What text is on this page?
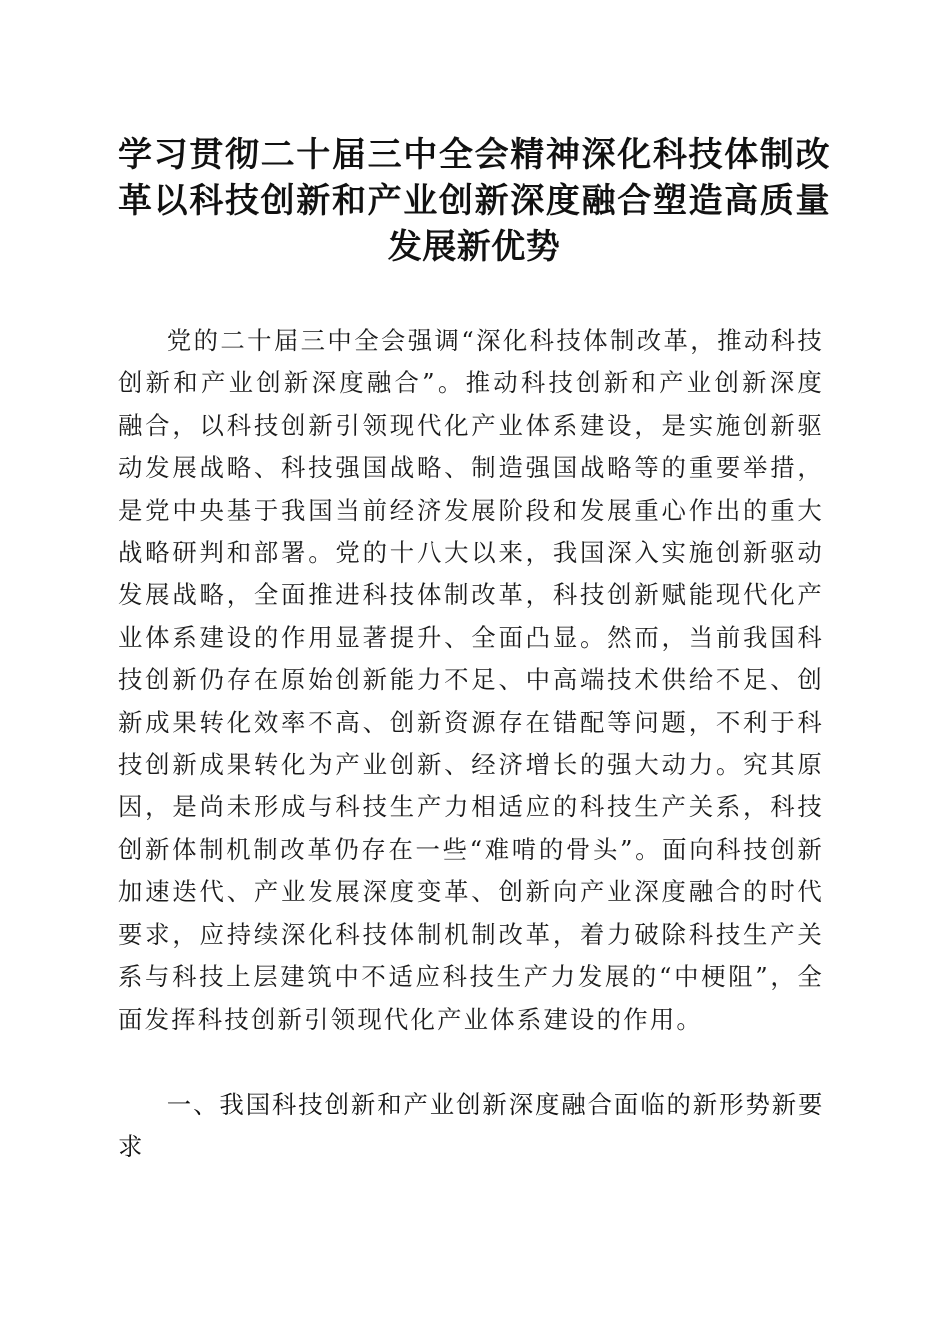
学习贯彻二十届三中全会精神深化科技体制改革以科技创新和产业创新深度融合塑造高质量发展新优势

党的二十届三中全会强调“深化科技体制改革，推动科技创新和产业创新深度融合”。推动科技创新和产业创新深度融合，以科技创新引领现代化产业体系建设，是实施创新驱动发展战略、科技强国战略、制造强国战略等的重要举措，是党中央基于我国当前经济发展阶段和发展重心作出的重大战略研判和部署。党的十八大以来，我国深入实施创新驱动发展战略，全面推进科技体制改革，科技创新赋能现代化产业体系建设的作用显著提升、全面凸显。然而，当前我国科技创新仍存在原始创新能力不足、中高端技术供给不足、创新成果转化效率不高、创新资源存在错配等问题，不利于科技创新成果转化为产业创新、经济增长的强大动力。究其原因，是尚未形成与科技生产力相适应的科技生产关系，科技创新体制机制改革仍存在一些“难啃的骨头”。面向科技创新加速迭代、产业发展深度变革、创新向产业深度融合的时代要求，应持续深化科技体制机制改革，着力破除科技生产关系与科技上层建筑中不适应科技生产力发展的“中梗阻”，全面发挥科技创新引领现代化产业体系建设的作用。

一、我国科技创新和产业创新深度融合面临的新形势新要求
